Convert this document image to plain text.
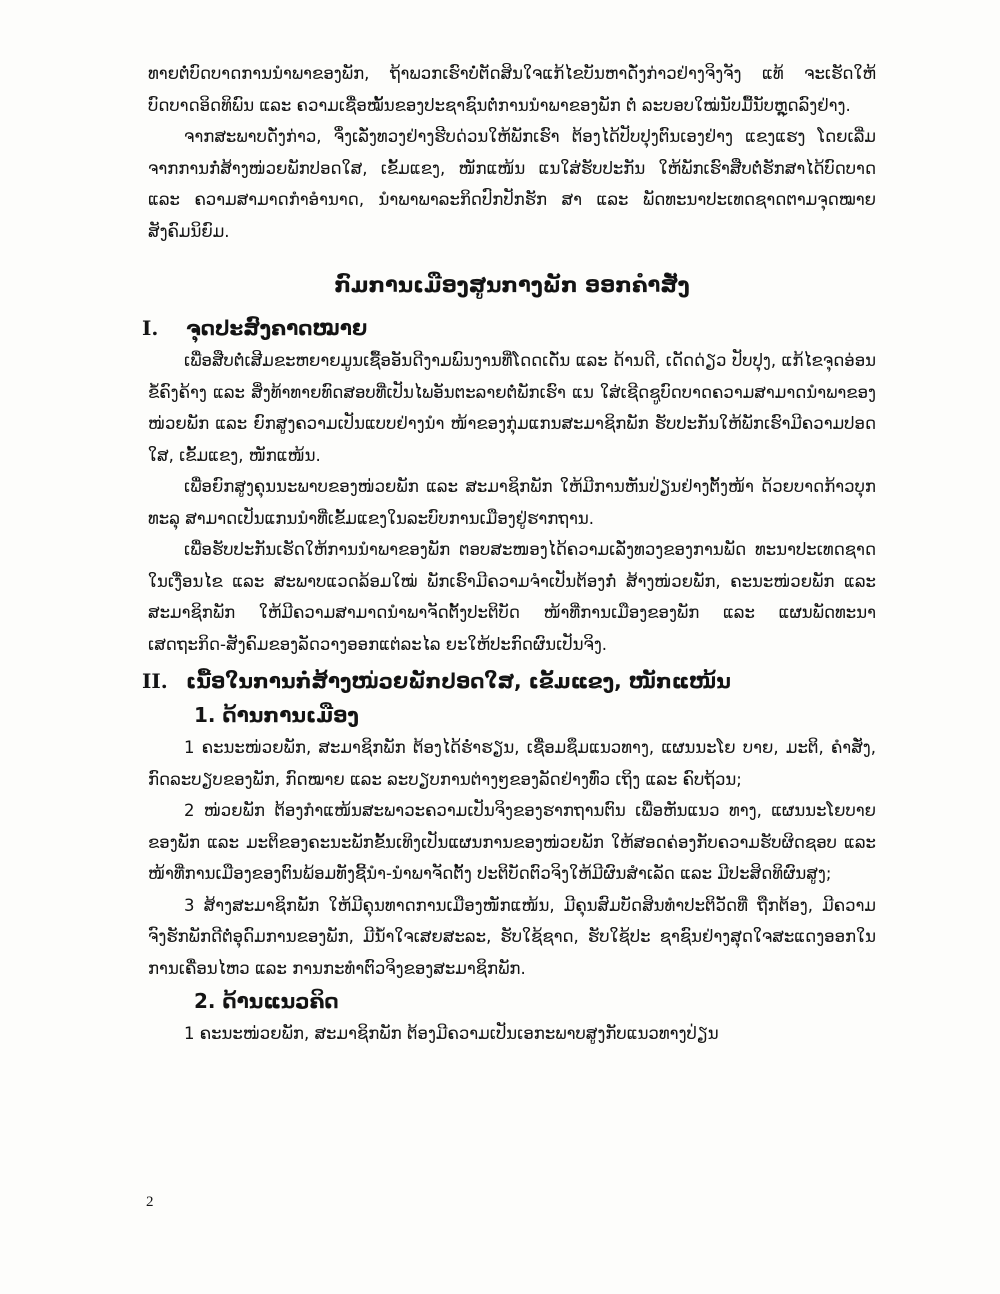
ທາຍຕໍ່ບົດບາດການນໍາພາຂອງພັກ, ຖ້າພວກເຮົາບໍ່ຕັດສິນໃຈແກ້ໄຂບັນຫາດັ່ງກ່າວຢ່າງຈິງຈັງ ແທ້ ຈະເຮັດໃຫ້ບົດບາດອິດທິພົນ ແລະ ຄວາມເຊື່ອໝັ້ນຂອງປະຊາຊົນຕໍ່ການນໍາພາຂອງພັກ ຕໍ່ ລະບອບໃໝ່ນັບມື້ນັບຫຼຸດລົງຢ່າງ.

ຈາກສະພາບດັ່ງກ່າວ, ຈຶ່ງເລັ່ງທວງຢ່າງຮີບດ່ວນໃຫ້ພັກເຮົາ ຕ້ອງໄດ້ປັບປຸງຕົນເອງຢ່າງ ແຂງແຮງ ໂດຍເລີ່ມຈາກການກໍ່ສ້າງໜ່ວຍພັກປອດໃສ, ເຂັ້ມແຂງ, ໜັກແໜ້ນ ແນໃສ່ຮັບປະກັນ ໃຫ້ພັກເຮົາສືບຕໍ່ຮັກສາໄດ້ບົດບາດ ແລະ ຄວາມສາມາດກໍາອໍານາດ, ນໍາພາພາລະກິດປົກປັກຮັກ ສາ ແລະ ພັດທະນາປະເທດຊາດຕາມຈຸດໝາຍສັງຄົມນິຍົມ.

ກົມການເມືອງສູນກາງພັກ ອອກຄໍາສັ່ງ
I.	ຈຸດປະສົງຄາດໝາຍ

ເພື່ອສືບຕໍ່ເສີມຂະຫຍາຍມູນເຊື້ອອັນດີງາມພົນງານທີ່ໂດດເດັ່ນ ແລະ ດ້ານດີ, ເດັດດ່ຽວ ປັບປຸງ, ແກ້ໄຂຈຸດອ່ອນຂໍ້ຄົງຄ້າງ ແລະ ສິ່ງທ້າທາຍທົດສອບທີ່ເປັນໄພອັນຕະລາຍຕໍ່ພັກເຮົາ ແນ ໃສ່ເຊີດຊູບົດບາດຄວາມສາມາດນໍາພາຂອງໜ່ວຍພັກ ແລະ ຍົກສູງຄວາມເປັນແບບຢ່າງນໍາ ໜ້າຂອງກຸ່ມແກນສະມາຊິກພັກ ຮັບປະກັນໃຫ້ພັກເຮົາມີຄວາມປອດໃສ, ເຂັ້ມແຂງ, ໜັກແໜ້ນ.

ເພື່ອຍົກສູງຄຸນນະພາບຂອງໜ່ວຍພັກ ແລະ ສະມາຊິກພັກ ໃຫ້ມີການຫັນປ່ຽນຢ່າງຕັ້ງໜ້າ ດ້ວຍບາດກ້າວບຸກທະລຸ ສາມາດເປັນແກນນໍາທີ່ເຂັ້ມແຂງໃນລະບົບການເມືອງຢູ່ຮາກຖານ.

ເພື່ອຮັບປະກັນເຮັດໃຫ້ການນໍາພາຂອງພັກ ຕອບສະໜອງໄດ້ຄວາມເລັ່ງທວງຂອງການພັດ ທະນາປະເທດຊາດໃນເງື່ອນໄຂ ແລະ ສະພາບແວດລ້ອມໃໝ່ ພັກເຮົາມີຄວາມຈໍາເປັນຕ້ອງກໍ່ ສ້າງໜ່ວຍພັກ, ຄະນະໜ່ວຍພັກ ແລະ ສະມາຊິກພັກ ໃຫ້ມີຄວາມສາມາດນໍາພາຈັດຕັ້ງປະຕິບັດ ໜ້າທີ່ການເມືອງຂອງພັກ ແລະ ແຜນພັດທະນາເສດຖະກິດ-ສັງຄົມຂອງລັດວາງອອກແຕ່ລະໄລ ຍະໃຫ້ປະກົດຜົນເປັນຈິງ.

II. ເນື້ອໃນການກໍ່ສ້າງໜ່ວຍພັກປອດໃສ, ເຂັ້ມແຂງ, ໜັກແໜ້ນ
1. ດ້ານການເມືອງ

1 ຄະນະໜ່ວຍພັກ, ສະມາຊິກພັກ ຕ້ອງໄດ້ຮໍ່າຮຽນ, ເຊື່ອມຊຶມແນວທາງ, ແຜນນະໂຍ ບາຍ, ມະຕິ, ຄໍາສັ່ງ, ກົດລະບຽບຂອງພັກ, ກົດໝາຍ ແລະ ລະບຽບການຕ່າງໆຂອງລັດຢ່າງທົ່ວ ເຖິງ ແລະ ຄົບຖ້ວນ;

2 ໜ່ວຍພັກ ຕ້ອງກໍາແໜ້ນສະພາວະຄວາມເປັນຈິງຂອງຮາກຖານຕົນ ເພື່ອຫັນແນວ ທາງ, ແຜນນະໂຍບາຍຂອງພັກ ແລະ ມະຕິຂອງຄະນະພັກຂັ້ນເທິງເປັນແຜນການຂອງໜ່ວຍພັກ ໃຫ້ສອດຄ່ອງກັບຄວາມຮັບຜິດຊອບ ແລະ ໜ້າທີ່ການເມືອງຂອງຕົນພ້ອມທັງຊີ້ນໍາ-ນໍາພາຈັດຕັ້ງ ປະຕິບັດຕົວຈິງໃຫ້ມີຜົນສໍາເລັດ ແລະ ມີປະສິດທິຜົນສູງ;

3 ສ້າງສະມາຊິກພັກ ໃຫ້ມີຄຸນທາດການເມືອງໜັກແໜ້ນ, ມີຄຸນສົມບັດສິນທໍາປະຕິວັດທີ່ ຖືກຕ້ອງ, ມີຄວາມຈົງຮັກພັກດີຕໍ່ອຸດົມການຂອງພັກ, ມີນໍ້າໃຈເສຍສະລະ, ຮັບໃຊ້ຊາດ, ຮັບໃຊ້ປະ ຊາຊົນຢ່າງສຸດໃຈສະແດງອອກໃນການເຄື່ອນໄຫວ ແລະ ການກະທໍາຕົວຈິງຂອງສະມາຊິກພັກ.

2. ດ້ານແນວຄິດ

1 ຄະນະໜ່ວຍພັກ, ສະມາຊິກພັກ ຕ້ອງມີຄວາມເປັນເອກະພາບສູງກັບແນວທາງປ່ຽນ

2
